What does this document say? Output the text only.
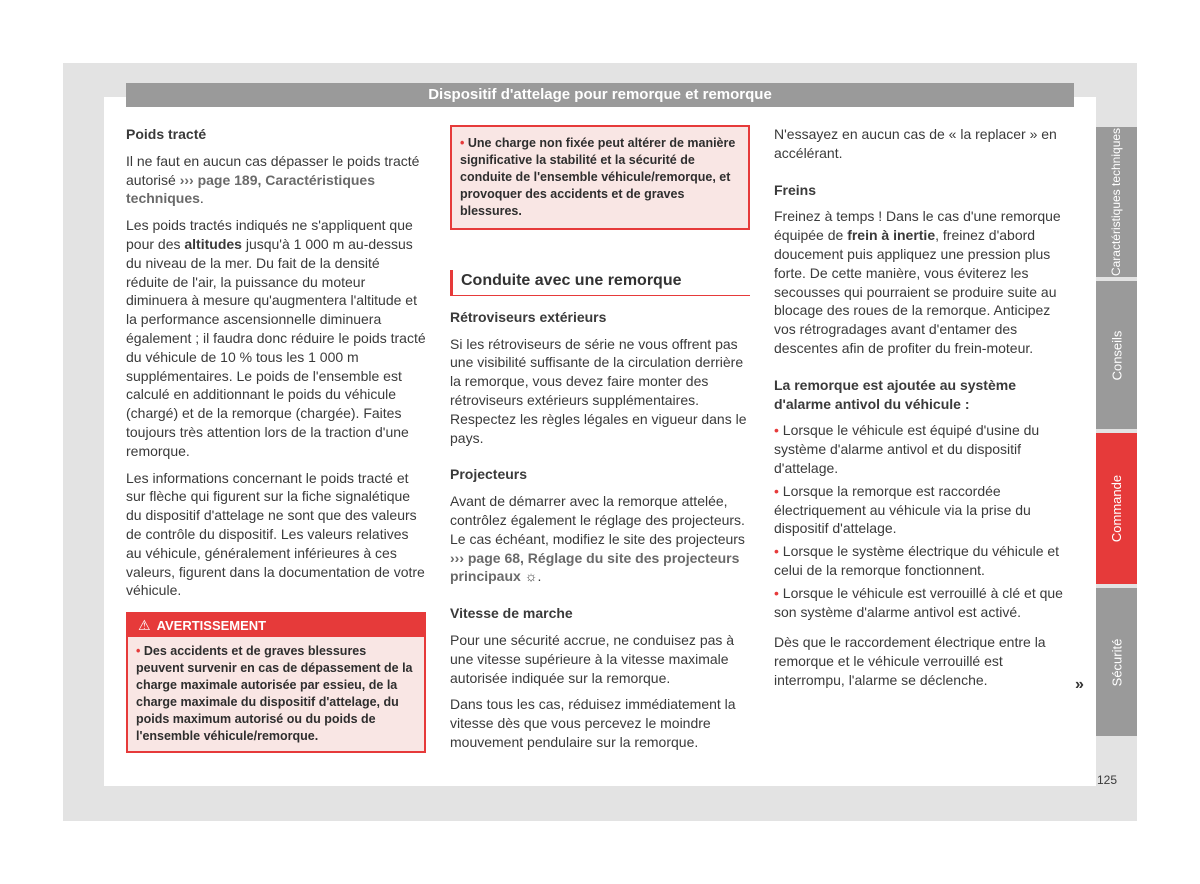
Dispositif d'attelage pour remorque et remorque
Poids tracté

Il ne faut en aucun cas dépasser le poids tracté autorisé ››› page 189, Caractéristiques techniques.

Les poids tractés indiqués ne s'appliquent que pour des altitudes jusqu'à 1 000 m au-dessus du niveau de la mer. Du fait de la densité réduite de l'air, la puissance du moteur diminuera à mesure qu'augmentera l'altitude et la performance ascensionnelle diminuera également ; il faudra donc réduire le poids tracté du véhicule de 10 % tous les 1 000 m supplémentaires. Le poids de l'ensemble est calculé en additionnant le poids du véhicule (chargé) et de la remorque (chargée). Faites toujours très attention lors de la traction d'une remorque.

Les informations concernant le poids tracté et sur flèche qui figurent sur la fiche signalétique du dispositif d'attelage ne sont que des valeurs de contrôle du dispositif. Les valeurs relatives au véhicule, généralement inférieures à ces valeurs, figurent dans la documentation de votre véhicule.

⚠ AVERTISSEMENT
• Des accidents et de graves blessures peuvent survenir en cas de dépassement de la charge maximale autorisée par essieu, de la charge maximale du dispositif d'attelage, du poids maximum autorisé ou du poids de l'ensemble véhicule/remorque.
• Une charge non fixée peut altérer de manière significative la stabilité et la sécurité de conduite de l'ensemble véhicule/remorque, et provoquer des accidents et de graves blessures.
Conduite avec une remorque
Rétroviseurs extérieurs

Si les rétroviseurs de série ne vous offrent pas une visibilité suffisante de la circulation derrière la remorque, vous devez faire monter des rétroviseurs extérieurs supplémentaires. Respectez les règles légales en vigueur dans le pays.

Projecteurs

Avant de démarrer avec la remorque attelée, contrôlez également le réglage des projecteurs. Le cas échéant, modifiez le site des projecteurs ››› page 68, Réglage du site des projecteurs principaux ☼.

Vitesse de marche

Pour une sécurité accrue, ne conduisez pas à une vitesse supérieure à la vitesse maximale autorisée indiquée sur la remorque.

Dans tous les cas, réduisez immédiatement la vitesse dès que vous percevez le moindre mouvement pendulaire sur la remorque.

N'essayez en aucun cas de « la replacer » en accélérant.

Freins

Freinez à temps ! Dans le cas d'une remorque équipée de frein à inertie, freinez d'abord doucement puis appliquez une pression plus forte. De cette manière, vous éviterez les secousses qui pourraient se produire suite au blocage des roues de la remorque. Anticipez vos rétrogradages avant d'entamer des descentes afin de profiter du frein-moteur.

La remorque est ajoutée au système d'alarme antivol du véhicule :

• Lorsque le véhicule est équipé d'usine du système d'alarme antivol et du dispositif d'attelage.

• Lorsque la remorque est raccordée électriquement au véhicule via la prise du dispositif d'attelage.

• Lorsque le système électrique du véhicule et celui de la remorque fonctionnent.

• Lorsque le véhicule est verrouillé à clé et que son système d'alarme antivol est activé.

Dès que le raccordement électrique entre la remorque et le véhicule verrouillé est interrompu, l'alarme se déclenche.	»
Caractéristiques techniques
Conseils
Commande
Sécurité
125
